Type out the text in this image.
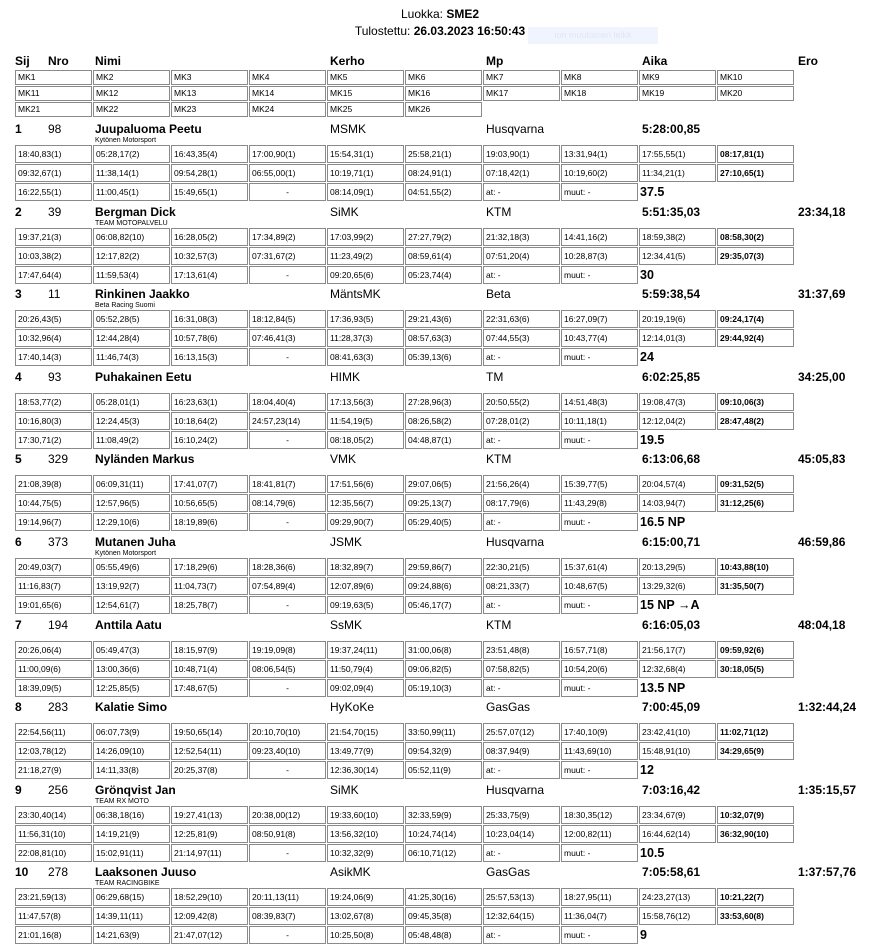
Luokka: SME2
Tulostettu: 26.03.2023 16:50:43	ion muutoinen leikk
Sij Nro Nimi	Kerho	Mp	Aika	Ero
MK1	MK2	MK3	MK4	MK5	MK6	MK7	MK8	MK9	MK10
MK11	MK12	MK13	MK14	MK15	MK16	MK17	MK18	MK19	MK20
MK21	MK22	MK23	MK24	MK25	MK26				
1 98	Juupaluoma Peetu	MSMK	Husqvarna	5:28:00,85
Kytönen Motorsport
18:40,83(1)	05:28,17(2)	16:43,35(4)	17:00,90(1)	15:54,31(1)	25:58,21(1)	19:03,90(1)	13:31,94(1)	17:55,55(1)	08:17,81(1)
09:32,67(1)	11:38,14(1)	09:54,28(1)	06:55,00(1)	10:19,71(1)	08:24,91(1)	07:18,42(1)	10:19,60(2)	11:34,21(1)	27:10,65(1)
16:22,55(1)	11:00,45(1)	15:49,65(1)	-	08:14,09(1)	04:51,55(2)	at: -	muut: -	37.5	
2 39	Bergman Dick	SiMK	KTM	5:51:35,03	23:34,18
TEAM MOTOPALVELU
19:37,21(3)	06:08,82(10)	16:28,05(2)	17:34,89(2)	17:03,99(2)	27:27,79(2)	21:32,18(3)	14:41,16(2)	18:59,38(2)	08:58,30(2)
10:03,38(2)	12:17,82(2)	10:32,57(3)	07:31,67(2)	11:23,49(2)	08:59,61(4)	07:51,20(4)	10:28,87(3)	12:34,41(5)	29:35,07(3)
17:47,64(4)	11:59,53(4)	17:13,61(4)	-	09:20,65(6)	05:23,74(4)	at: -	muut: -	30	
3 11	Rinkinen Jaakko	MäntsMK	Beta	5:59:38,54	31:37,69
Beta Racing Suomi
20:26,43(5)	05:52,28(5)	16:31,08(3)	18:12,84(5)	17:36,93(5)	29:21,43(6)	22:31,63(6)	16:27,09(7)	20:19,19(6)	09:24,17(4)
10:32,96(4)	12:44,28(4)	10:57,78(6)	07:46,41(3)	11:28,37(3)	08:57,63(3)	07:44,55(3)	10:43,77(4)	12:14,01(3)	29:44,92(4)
17:40,14(3)	11:46,74(3)	16:13,15(3)	-	08:41,63(3)	05:39,13(6)	at: -	muut: -	24	
4 93	Puhakainen Eetu	HIMK	TM	6:02:25,85	34:25,00
18:53,77(2)	05:28,01(1)	16:23,63(1)	18:04,40(4)	17:13,56(3)	27:28,96(3)	20:50,55(2)	14:51,48(3)	19:08,47(3)	09:10,06(3)
10:16,80(3)	12:24,45(3)	10:18,64(2)	24:57,23(14)	11:54,19(5)	08:26,58(2)	07:28,01(2)	10:11,18(1)	12:12,04(2)	28:47,48(2)
17:30,71(2)	11:08,49(2)	16:10,24(2)	-	08:18,05(2)	04:48,87(1)	at: -	muut: -	19.5	
5 329 Nyländen Markus	VMK	KTM	6:13:06,68	45:05,83
21:08,39(8)	06:09,31(11)	17:41,07(7)	18:41,81(7)	17:51,56(6)	29:07,06(5)	21:56,26(4)	15:39,77(5)	20:04,57(4)	09:31,52(5)
10:44,75(5)	12:57,96(5)	10:56,65(5)	08:14,79(6)	12:35,56(7)	09:25,13(7)	08:17,79(6)	11:43,29(8)	14:03,94(7)	31:12,25(6)
19:14,96(7)	12:29,10(6)	18:19,89(6)	-	09:29,90(7)	05:29,40(5)	at: -	muut: -	16.5 NP	
6 373 Mutanen Juha	JSMK	Husqvarna	6:15:00,71	46:59,86
Kytönen Motorsport
20:49,03(7)	05:55,49(6)	17:18,29(6)	18:28,36(6)	18:32,89(7)	29:59,86(7)	22:30,21(5)	15:37,61(4)	20:13,29(5)	10:43,88(10)
11:16,83(7)	13:19,92(7)	11:04,73(7)	07:54,89(4)	12:07,89(6)	09:24,88(6)	08:21,33(7)	10:48,67(5)	13:29,32(6)	31:35,50(7)
19:01,65(6)	12:54,61(7)	18:25,78(7)	-	09:19,63(5)	05:46,17(7)	at: -	muut: -	15 NP →A	
7 194 Anttila Aatu	SsMK	KTM	6:16:05,03	48:04,18
20:26,06(4)	05:49,47(3)	18:15,97(9)	19:19,09(8)	19:37,24(11)	31:00,06(8)	23:51,48(8)	16:57,71(8)	21:56,17(7)	09:59,92(6)
11:00,09(6)	13:00,36(6)	10:48,71(4)	08:06,54(5)	11:50,79(4)	09:06,82(5)	07:58,82(5)	10:54,20(6)	12:32,68(4)	30:18,05(5)
18:39,09(5)	12:25,85(5)	17:48,67(5)	-	09:02,09(4)	05:19,10(3)	at: -	muut: -	13.5 NP	
8 283 Kalatie Simo	HyKoKe	GasGas	7:00:45,09	1:32:44,24
22:54,56(11)	06:07,73(9)	19:50,65(14)	20:10,70(10)	21:54,70(15)	33:50,99(11)	25:57,07(12)	17:40,10(9)	23:42,41(10)	11:02,71(12)
12:03,78(12)	14:26,09(10)	12:52,54(11)	09:23,40(10)	13:49,77(9)	09:54,32(9)	08:37,94(9)	11:43,69(10)	15:48,91(10)	34:29,65(9)
21:18,27(9)	14:11,33(8)	20:25,37(8)	-	12:36,30(14)	05:52,11(9)	at: -	muut: -	12	
9 256 Grönqvist Jan	SiMK	Husqvarna	7:03:16,42	1:35:15,57
TEAM RX MOTO
23:30,40(14)	06:38,18(16)	19:27,41(13)	20:38,00(12)	19:33,60(10)	32:33,59(9)	25:33,75(9)	18:30,35(12)	23:34,67(9)	10:32,07(9)
11:56,31(10)	14:19,21(9)	12:25,81(9)	08:50,91(8)	13:56,32(10)	10:24,74(14)	10:23,04(14)	12:00,82(11)	16:44,62(14)	36:32,90(10)
22:08,81(10)	15:02,91(11)	21:14,97(11)	-	10:32,32(9)	06:10,71(12)	at: -	muut: -	10.5	
10 278 Laaksonen Juuso	AsikMK	GasGas	7:05:58,61	1:37:57,76
TEAM RACINGBIKE
23:21,59(13)	06:29,68(15)	18:52,29(10)	20:11,13(11)	19:24,06(9)	41:25,30(16)	25:57,53(13)	18:27,95(11)	24:23,27(13)	10:21,22(7)
11:47,57(8)	14:39,11(11)	12:09,42(8)	08:39,83(7)	13:02,67(8)	09:45,35(8)	12:32,64(15)	11:36,04(7)	15:58,76(12)	33:53,60(8)
21:01,16(8)	14:21,63(9)	21:47,07(12)	-	10:25,50(8)	05:48,48(8)	at: -	muut: -	9	
